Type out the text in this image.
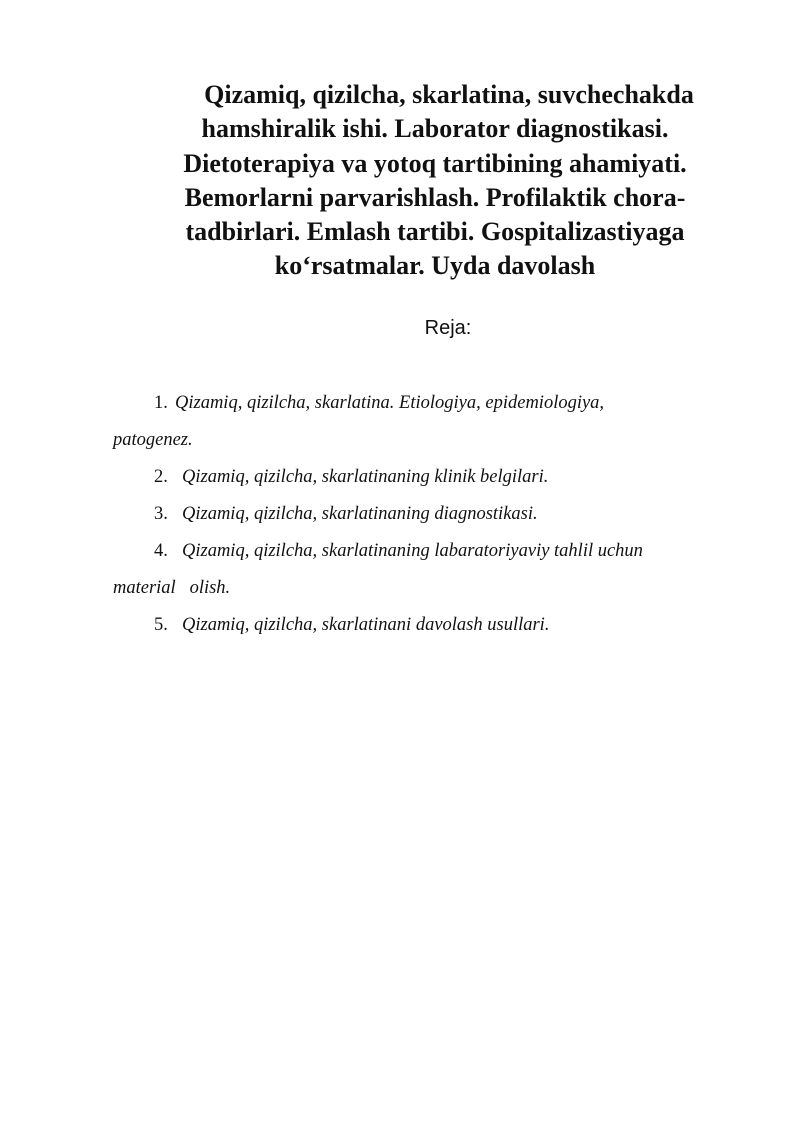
Qizamiq, qizilcha, skarlatina, suvchechakda
hamshiralik ishi. Laborator diagnostikasi.
Dietoterapiya va yotoq tartibining ahamiyati.
Bemorlarni parvarishlash. Profilaktik chora-
tadbirlari. Emlash tartibi. Gospitalizastiyaga
ko‘rsatmalar. Uyda davolash
Reja:
1. Qizamiq, qizilcha, skarlatina. Etiologiya, epidemiologiya,
patogenez.
2. Qizamiq, qizilcha, skarlatinaning klinik belgilari.
3. Qizamiq, qizilcha, skarlatinaning diagnostikasi.
4. Qizamiq, qizilcha, skarlatinaning labaratoriyaviy tahlil uchun
material   olish.
5. Qizamiq, qizilcha, skarlatinani davolash usullari.
